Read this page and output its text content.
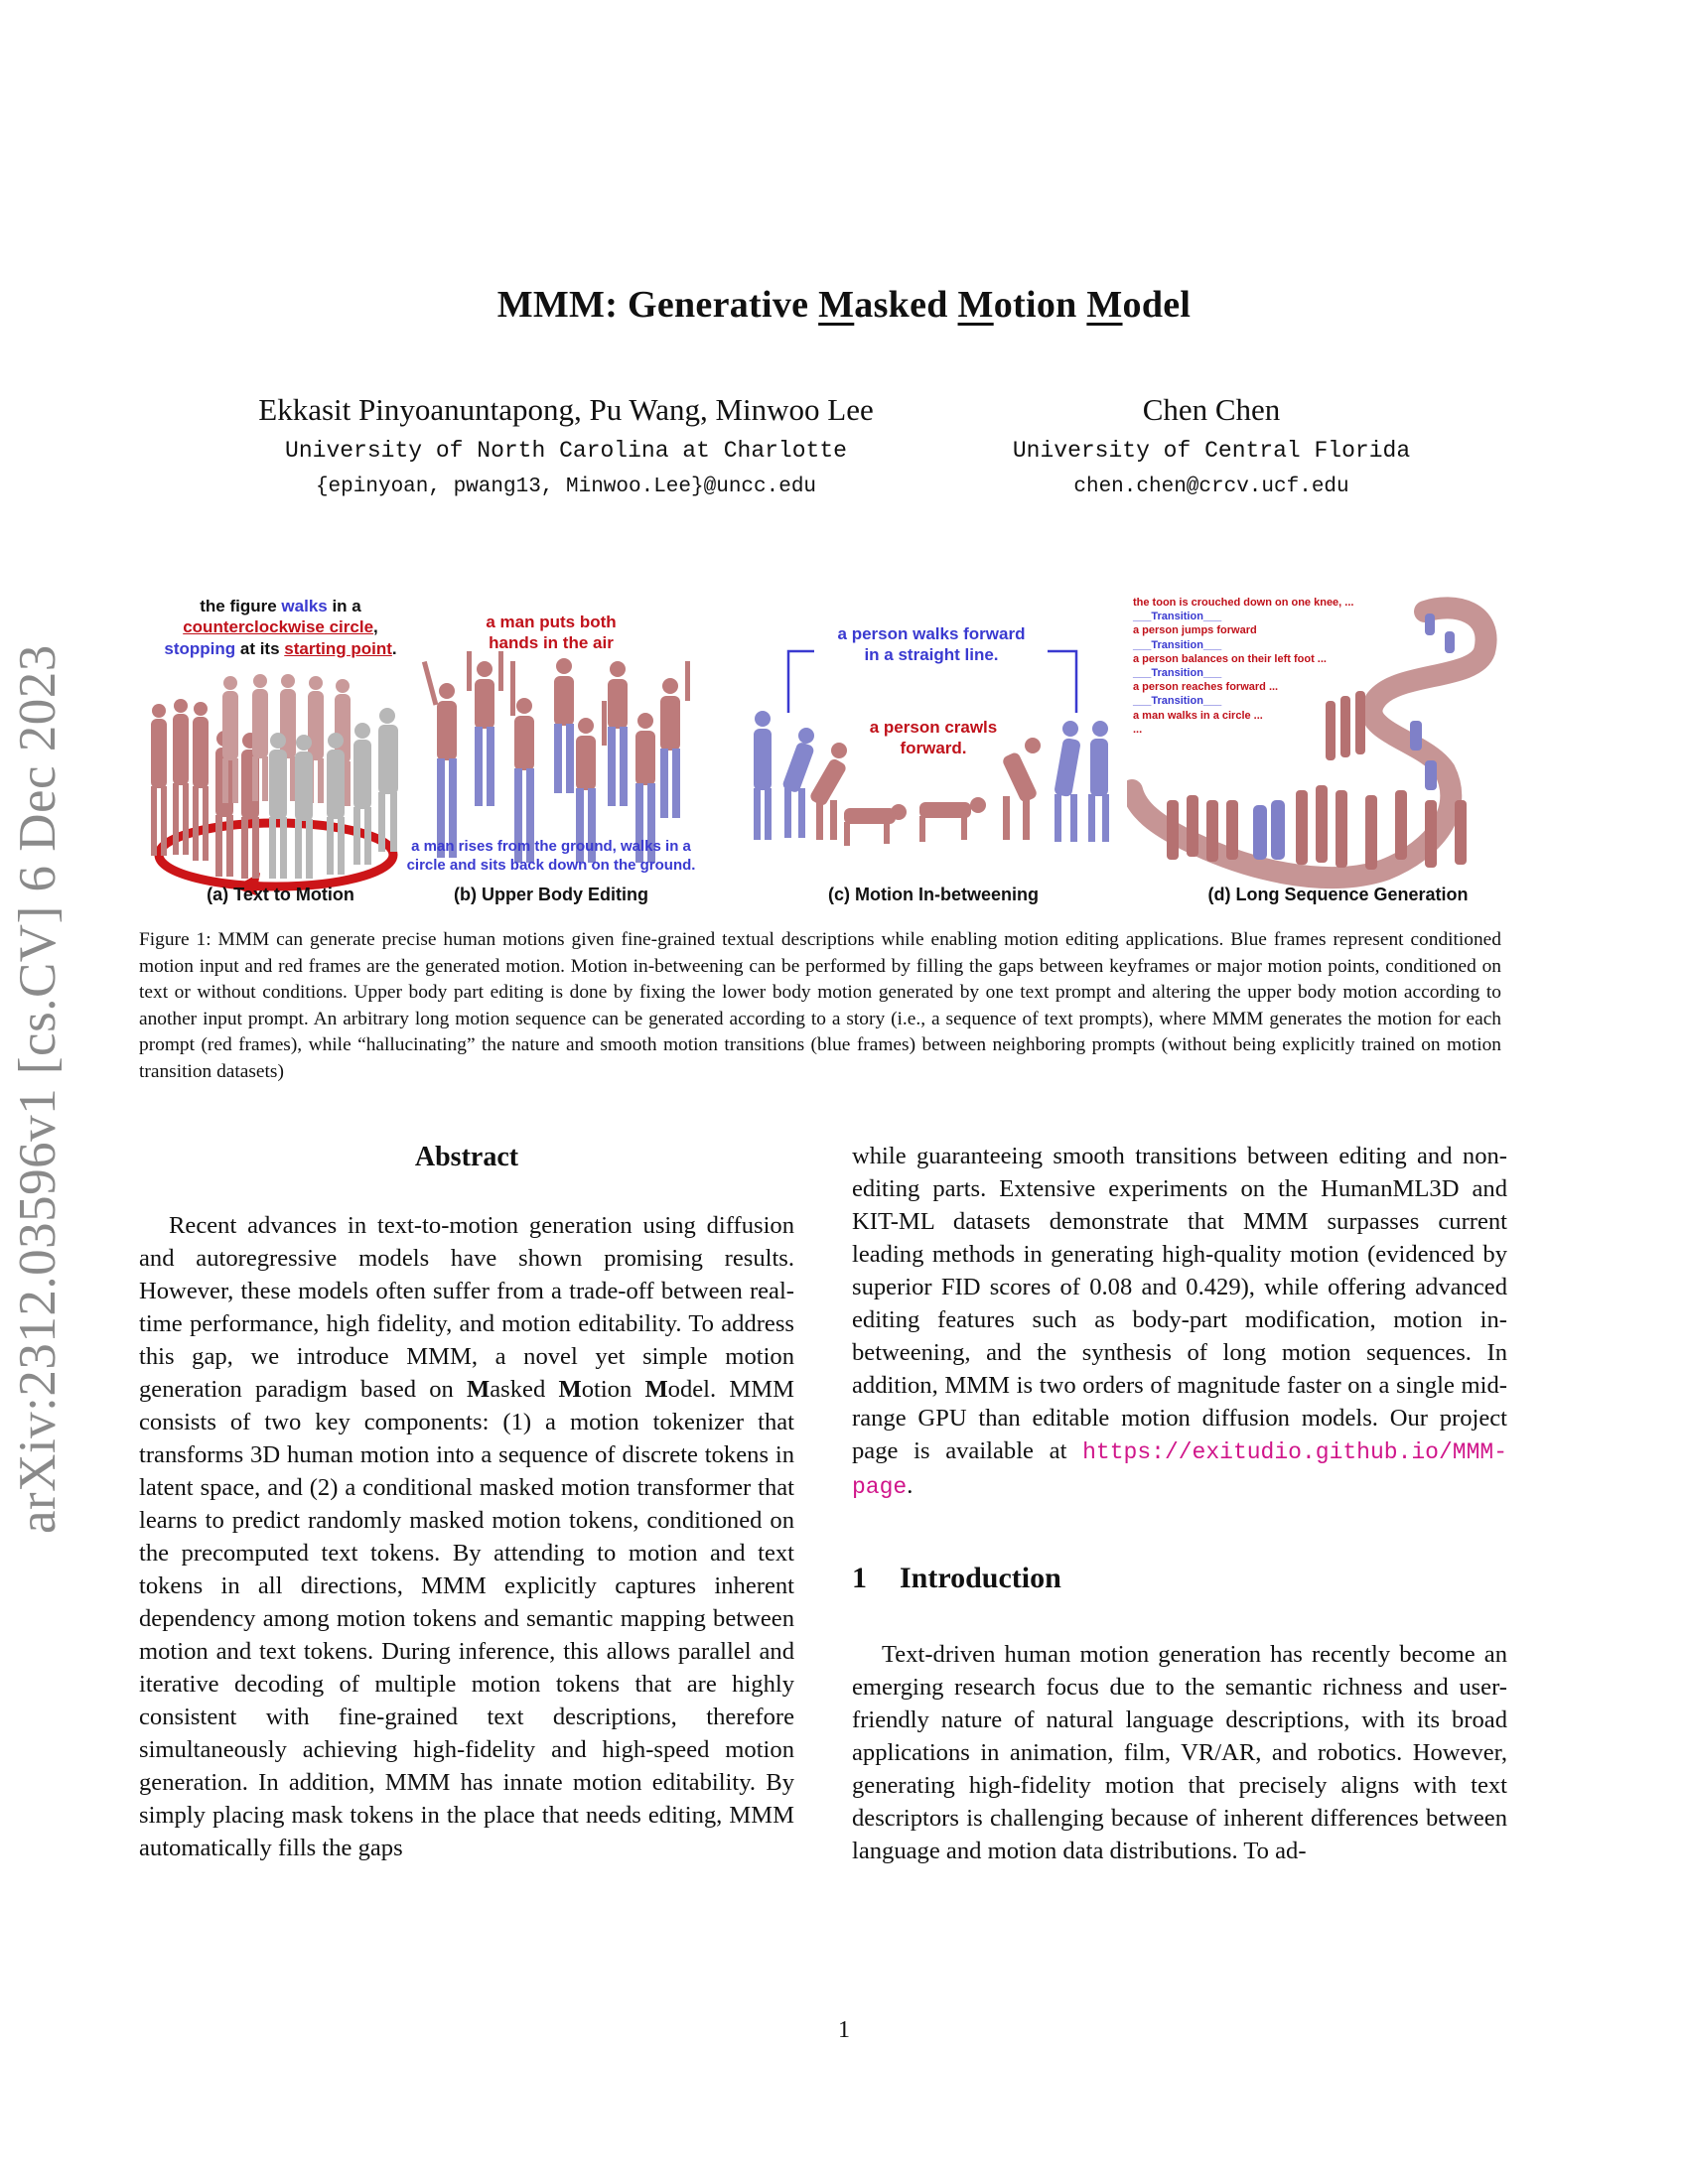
arXiv:2312.03596v1 [cs.CV] 6 Dec 2023
MMM: Generative Masked Motion Model
Ekkasit Pinyoanuntapong, Pu Wang, Minwoo Lee
University of North Carolina at Charlotte
{epinyoan, pwang13, Minwoo.Lee}@uncc.edu
Chen Chen
University of Central Florida
chen.chen@crcv.ucf.edu
the figure walks in a
counterclockwise circle,
stopping at its starting point.
(a) Text to Motion
a man puts both
hands in the air
a man rises from the ground, walks in a
circle and sits back down on the ground.
(b) Upper Body Editing
a person walks forward
in a straight line.
a person crawls
forward.
(c) Motion In-betweening
the toon is crouched down on one knee, ...
___Transition___
a person jumps forward
___Transition___
a person balances on their left foot ...
___Transition___
a person reaches forward ...
___Transition___
a man walks in a circle ...
...
(d) Long Sequence Generation
Figure 1: MMM can generate precise human motions given fine-grained textual descriptions while enabling motion editing applications. Blue frames represent conditioned motion input and red frames are the generated motion. Motion in-betweening can be performed by filling the gaps between keyframes or major motion points, conditioned on text or without conditions. Upper body part editing is done by fixing the lower body motion generated by one text prompt and altering the upper body motion according to another input prompt. An arbitrary long motion sequence can be generated according to a story (i.e., a sequence of text prompts), where MMM generates the motion for each prompt (red frames), while “hallucinating” the nature and smooth motion transitions (blue frames) between neighboring prompts (without being explicitly trained on motion transition datasets)
Abstract

Recent advances in text-to-motion generation using diffusion and autoregressive models have shown promising results. However, these models often suffer from a trade-off between real-time performance, high fidelity, and motion editability. To address this gap, we introduce MMM, a novel yet simple motion generation paradigm based on Masked Motion Model. MMM consists of two key components: (1) a motion tokenizer that transforms 3D human motion into a sequence of discrete tokens in latent space, and (2) a conditional masked motion transformer that learns to predict randomly masked motion tokens, conditioned on the precomputed text tokens. By attending to motion and text tokens in all directions, MMM explicitly captures inherent dependency among motion tokens and semantic mapping between motion and text tokens. During inference, this allows parallel and iterative decoding of multiple motion tokens that are highly consistent with fine-grained text descriptions, therefore simultaneously achieving high-fidelity and high-speed motion generation. In addition, MMM has innate motion editability. By simply placing mask tokens in the place that needs editing, MMM automatically fills the gaps

while guaranteeing smooth transitions between editing and non-editing parts. Extensive experiments on the HumanML3D and KIT-ML datasets demonstrate that MMM surpasses current leading methods in generating high-quality motion (evidenced by superior FID scores of 0.08 and 0.429), while offering advanced editing features such as body-part modification, motion in-betweening, and the synthesis of long motion sequences. In addition, MMM is two orders of magnitude faster on a single mid-range GPU than editable motion diffusion models. Our project page is available at https://exitudio.github.io/MMM-page.

1 Introduction

Text-driven human motion generation has recently become an emerging research focus due to the semantic richness and user-friendly nature of natural language descriptions, with its broad applications in animation, film, VR/AR, and robotics. However, generating high-fidelity motion that precisely aligns with text descriptors is challenging because of inherent differences between language and motion data distributions. To ad-

1
